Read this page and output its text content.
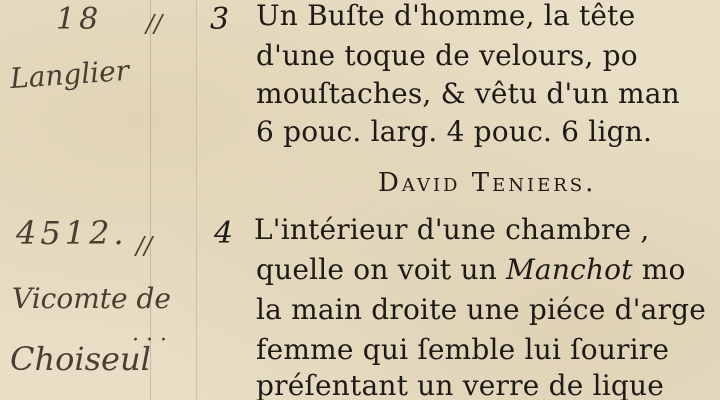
18 //
Langlier
4512. //
Vicomte de
Choiseul
· · ·
3 Un Buſte d'homme, la tête
d'une toque de velours, po
mouſtaches, & vêtu d'un man
6 pouc. larg. 4 pouc. 6 lign.
David Teniers.
4 L'intérieur d'une chambre ,
quelle on voit un Manchot mo
la main droite une piéce d'arge
femme qui ſemble lui ſourire
préſentant un verre de lique
